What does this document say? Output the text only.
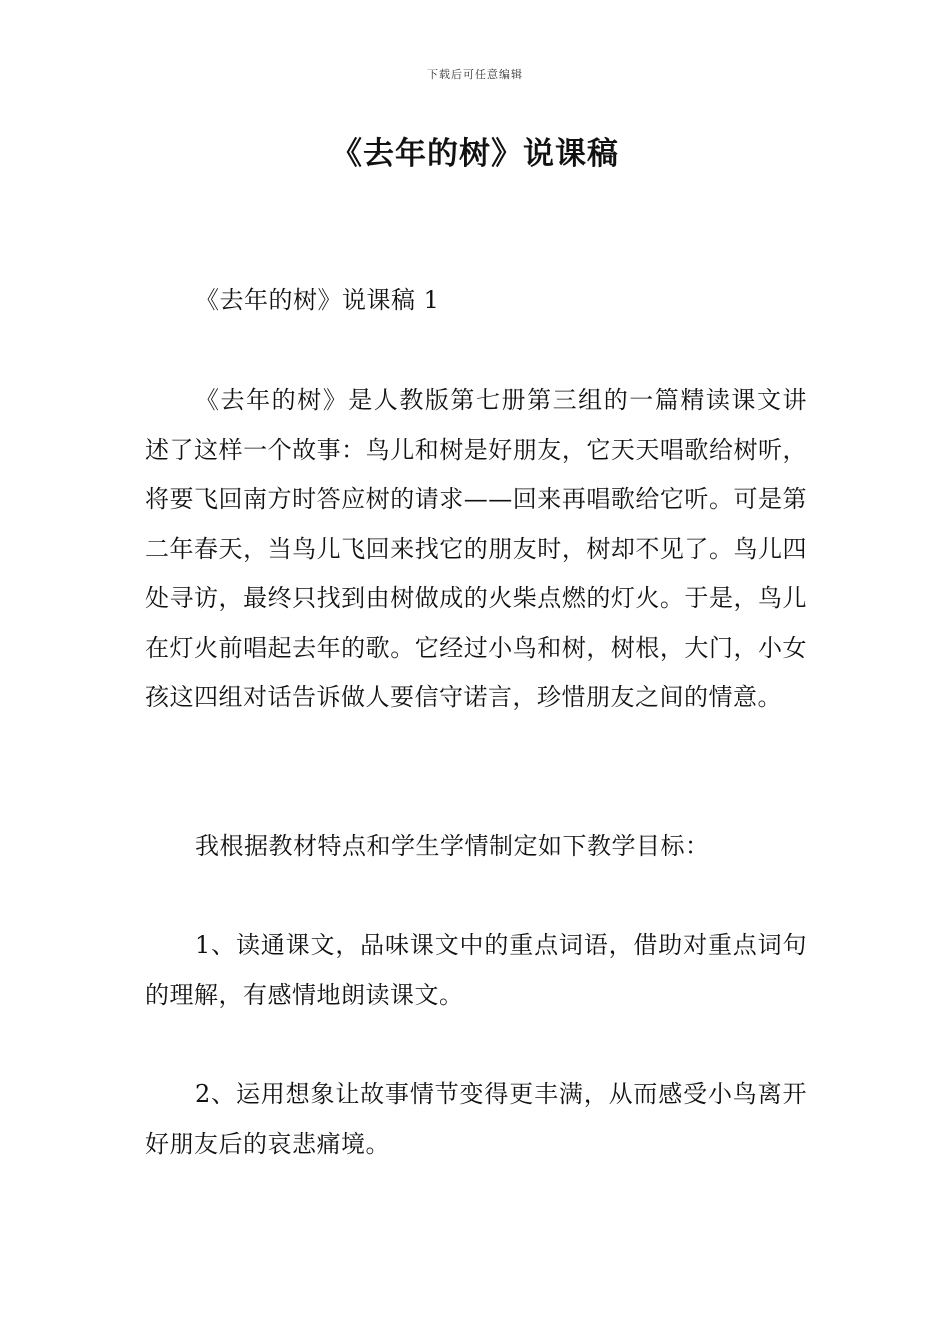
下载后可任意编辑
《去年的树》说课稿
《去年的树》说课稿 1
《去年的树》是人教版第七册第三组的一篇精读课文讲述了这样一个故事：鸟儿和树是好朋友，它天天唱歌给树听，将要飞回南方时答应树的请求——回来再唱歌给它听。可是第二年春天，当鸟儿飞回来找它的朋友时，树却不见了。鸟儿四处寻访，最终只找到由树做成的火柴点燃的灯火。于是，鸟儿在灯火前唱起去年的歌。它经过小鸟和树，树根，大门，小女孩这四组对话告诉做人要信守诺言，珍惜朋友之间的情意。
我根据教材特点和学生学情制定如下教学目标：
1、读通课文，品味课文中的重点词语，借助对重点词句的理解，有感情地朗读课文。
2、运用想象让故事情节变得更丰满，从而感受小鸟离开好朋友后的哀悲痛境。
